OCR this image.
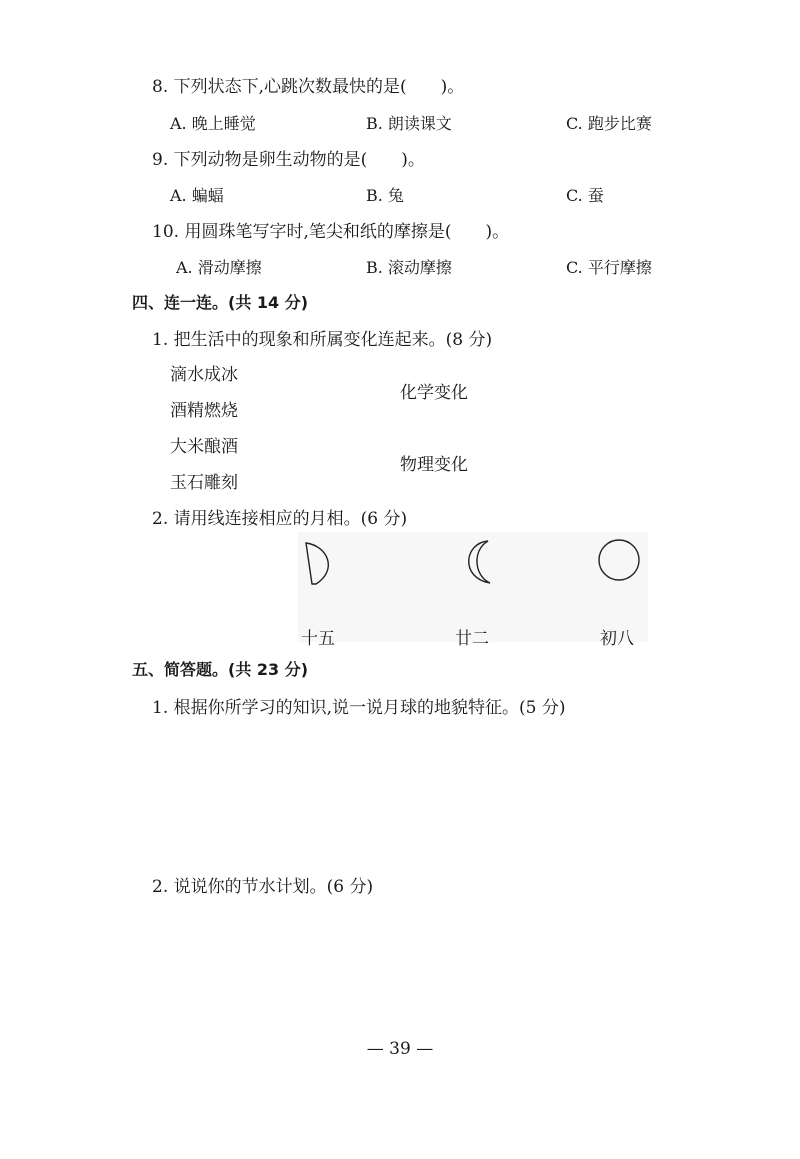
8. 下列状态下,心跳次数最快的是(　　)。
A. 晚上睡觉	B. 朗读课文	C. 跑步比赛
9. 下列动物是卵生动物的是(　　)。
A. 蝙蝠	B. 兔	C. 蚕
10. 用圆珠笔写字时,笔尖和纸的摩擦是(　　)。
A. 滑动摩擦	B. 滚动摩擦	C. 平行摩擦
四、连一连。(共 14 分)
1. 把生活中的现象和所属变化连起来。(8 分)
滴水成冰
酒精燃烧
大米酿酒
玉石雕刻
化学变化
物理变化
2. 请用线连接相应的月相。(6 分)
十五	廿二	初八
五、简答题。(共 23 分)
1. 根据你所学习的知识,说一说月球的地貌特征。(5 分)
2. 说说你的节水计划。(6 分)
— 39 —
